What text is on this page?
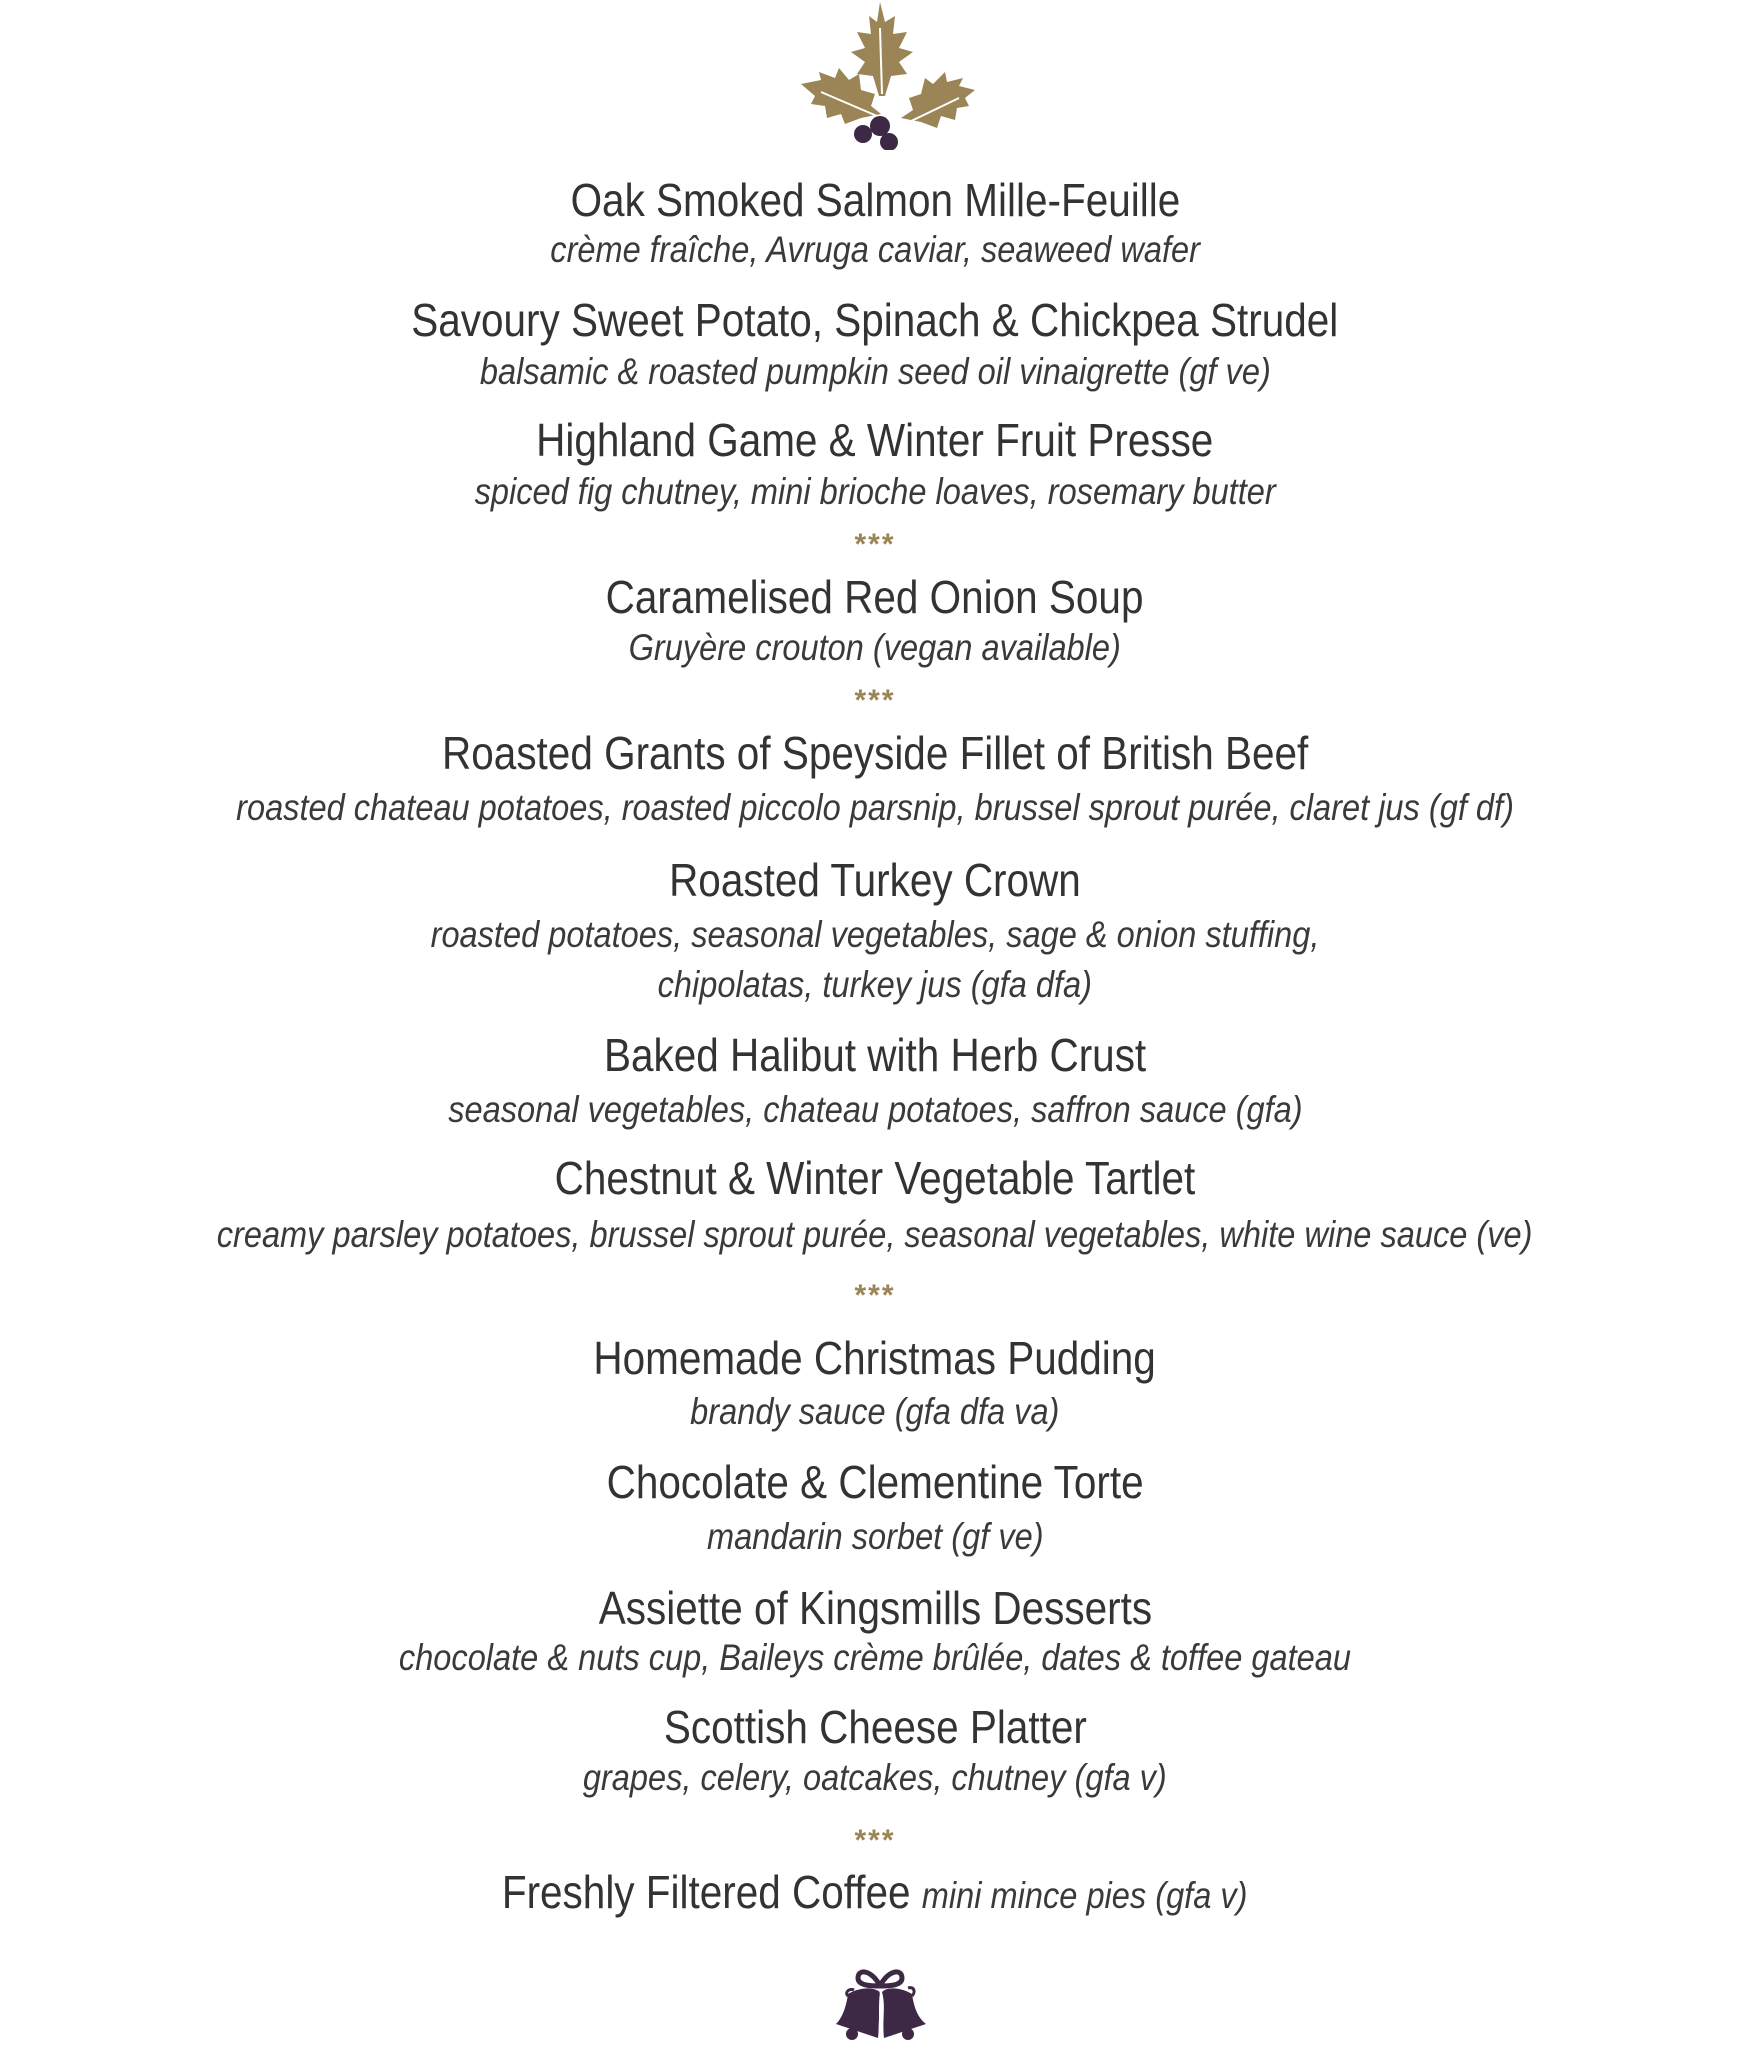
Oak Smoked Salmon Mille-Feuille
crème fraîche, Avruga caviar, seaweed wafer
Savoury Sweet Potato, Spinach & Chickpea Strudel
balsamic & roasted pumpkin seed oil vinaigrette (gf ve)
Highland Game & Winter Fruit Presse
spiced fig chutney, mini brioche loaves, rosemary butter
***
Caramelised Red Onion Soup
Gruyère crouton (vegan available)
***
Roasted Grants of Speyside Fillet of British Beef
roasted chateau potatoes, roasted piccolo parsnip, brussel sprout purée, claret jus (gf df)
Roasted Turkey Crown
roasted potatoes, seasonal vegetables, sage & onion stuffing,
chipolatas, turkey jus (gfa dfa)
Baked Halibut with Herb Crust
seasonal vegetables, chateau potatoes, saffron sauce (gfa)
Chestnut & Winter Vegetable Tartlet
creamy parsley potatoes, brussel sprout purée, seasonal vegetables, white wine sauce (ve)
***
Homemade Christmas Pudding
brandy sauce (gfa dfa va)
Chocolate & Clementine Torte
mandarin sorbet (gf ve)
Assiette of Kingsmills Desserts
chocolate & nuts cup, Baileys crème brûlée, dates & toffee gateau
Scottish Cheese Platter
grapes, celery, oatcakes, chutney (gfa v)
***
Freshly Filtered Coffee mini mince pies (gfa v)
